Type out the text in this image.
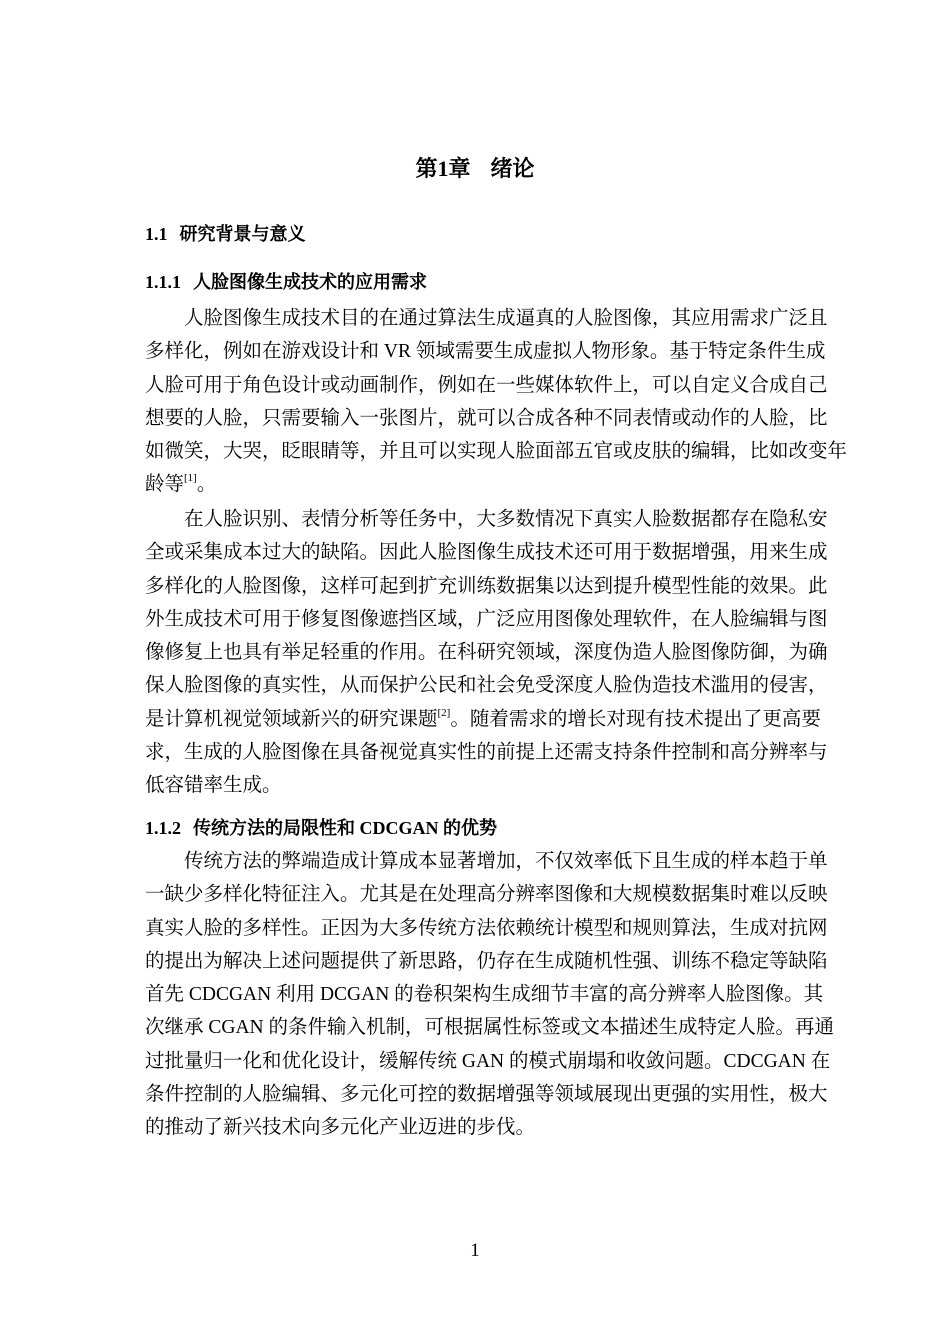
第1章 绪论
1.1 研究背景与意义
1.1.1 人脸图像生成技术的应用需求
人脸图像生成技术目的在通过算法生成逼真的人脸图像，其应用需求广泛且
多样化，例如在游戏设计和 VR 领域需要生成虚拟人物形象。基于特定条件生成
人脸可用于角色设计或动画制作，例如在一些媒体软件上，可以自定义合成自己
想要的人脸，只需要输入一张图片，就可以合成各种不同表情或动作的人脸，比
如微笑，大哭，眨眼睛等，并且可以实现人脸面部五官或皮肤的编辑，比如改变年
龄等[1]。
在人脸识别、表情分析等任务中，大多数情况下真实人脸数据都存在隐私安
全或采集成本过大的缺陷。因此人脸图像生成技术还可用于数据增强，用来生成
多样化的人脸图像，这样可起到扩充训练数据集以达到提升模型性能的效果。此
外生成技术可用于修复图像遮挡区域，广泛应用图像处理软件，在人脸编辑与图
像修复上也具有举足轻重的作用。在科研究领域，深度伪造人脸图像防御，为确
保人脸图像的真实性，从而保护公民和社会免受深度人脸伪造技术滥用的侵害，
是计算机视觉领域新兴的研究课题[2]。随着需求的增长对现有技术提出了更高要
求，生成的人脸图像在具备视觉真实性的前提上还需支持条件控制和高分辨率与
低容错率生成。
1.1.2 传统方法的局限性和 CDCGAN 的优势
传统方法的弊端造成计算成本显著增加，不仅效率低下且生成的样本趋于单
一缺少多样化特征注入。尤其是在处理高分辨率图像和大规模数据集时难以反映
真实人脸的多样性。正因为大多传统方法依赖统计模型和规则算法，生成对抗网
的提出为解决上述问题提供了新思路，仍存在生成随机性强、训练不稳定等缺陷
首先 CDCGAN 利用 DCGAN 的卷积架构生成细节丰富的高分辨率人脸图像。其
次继承 CGAN 的条件输入机制，可根据属性标签或文本描述生成特定人脸。再通
过批量归一化和优化设计，缓解传统 GAN 的模式崩塌和收敛问题。CDCGAN 在
条件控制的人脸编辑、多元化可控的数据增强等领域展现出更强的实用性，极大
的推动了新兴技术向多元化产业迈进的步伐。
1
